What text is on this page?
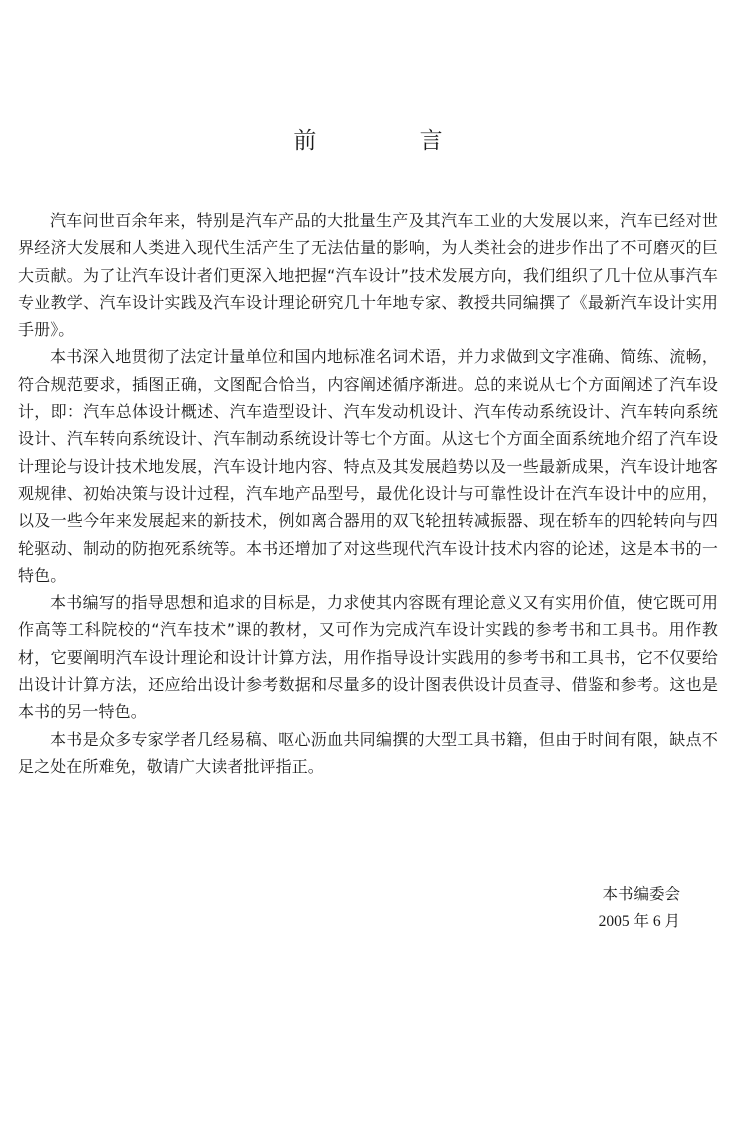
前 言

汽车问世百余年来，特别是汽车产品的大批量生产及其汽车工业的大发展以来，汽车已经对世界经济大发展和人类进入现代生活产生了无法估量的影响，为人类社会的进步作出了不可磨灭的巨大贡献。为了让汽车设计者们更深入地把握“汽车设计”技术发展方向，我们组织了几十位从事汽车专业教学、汽车设计实践及汽车设计理论研究几十年地专家、教授共同编撰了《最新汽车设计实用手册》。

本书深入地贯彻了法定计量单位和国内地标准名词术语，并力求做到文字准确、简练、流畅，符合规范要求，插图正确，文图配合恰当，内容阐述循序渐进。总的来说从七个方面阐述了汽车设计，即：汽车总体设计概述、汽车造型设计、汽车发动机设计、汽车传动系统设计、汽车转向系统设计、汽车转向系统设计、汽车制动系统设计等七个方面。从这七个方面全面系统地介绍了汽车设计理论与设计技术地发展，汽车设计地内容、特点及其发展趋势以及一些最新成果，汽车设计地客观规律、初始决策与设计过程，汽车地产品型号，最优化设计与可靠性设计在汽车设计中的应用，以及一些今年来发展起来的新技术，例如离合器用的双飞轮扭转减振器、现在轿车的四轮转向与四轮驱动、制动的防抱死系统等。本书还增加了对这些现代汽车设计技术内容的论述，这是本书的一特色。

本书编写的指导思想和追求的目标是，力求使其内容既有理论意义又有实用价值，使它既可用作高等工科院校的“汽车技术”课的教材，又可作为完成汽车设计实践的参考书和工具书。用作教材，它要阐明汽车设计理论和设计计算方法，用作指导设计实践用的参考书和工具书，它不仅要给出设计计算方法，还应给出设计参考数据和尽量多的设计图表供设计员查寻、借鉴和参考。这也是本书的另一特色。

本书是众多专家学者几经易稿、呕心沥血共同编撰的大型工具书籍，但由于时间有限，缺点不足之处在所难免，敬请广大读者批评指正。

本书编委会
2005 年 6 月
